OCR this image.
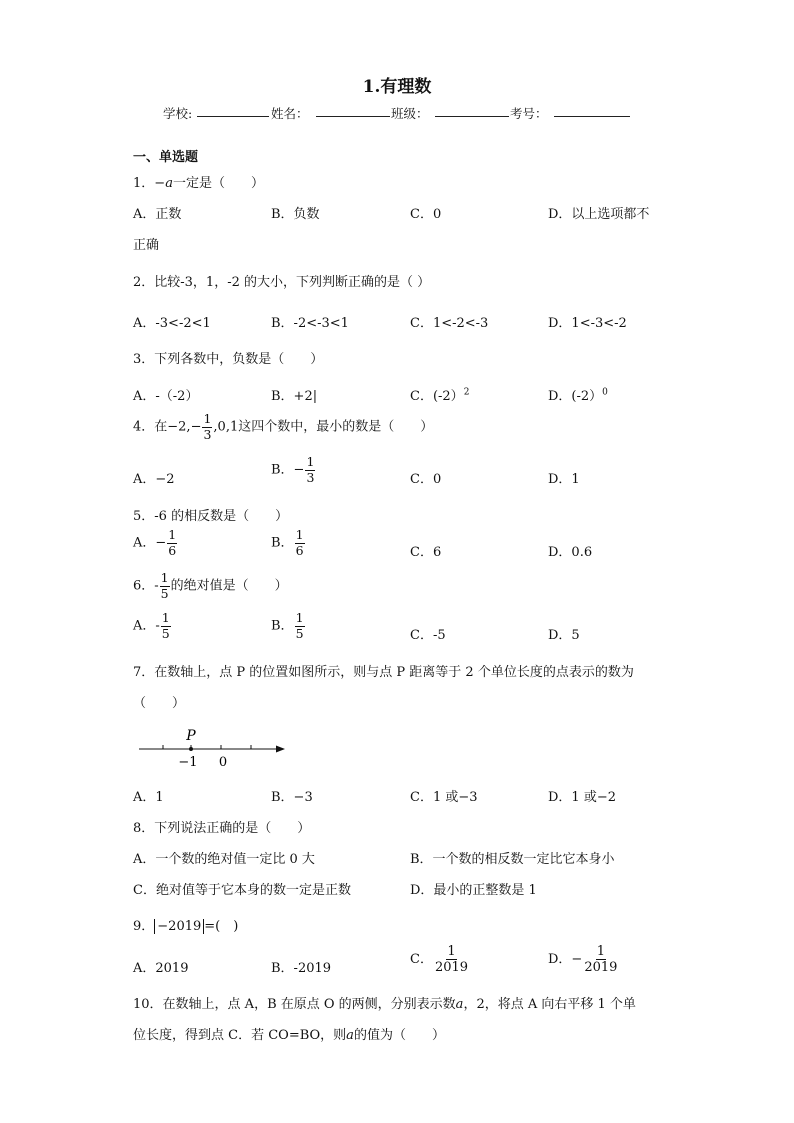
1.有理数
学校:	姓名：	班级：	考号：
一、单选题
1．−a一定是（　　）
A．正数	B．负数	C．0	D．以上选项都不
正确
2．比较-3，1，-2 的大小，下列判断正确的是（ ）
A．-3<-2<1	B．-2<-3<1	C．1<-2<-3	D．1<-3<-2
3．下列各数中，负数是（　　）
A．-（-2）	B．+2|	C．(-2）$^2$	D．(-2）$^0$
4．在$-2,- \frac{1}{3} ,0,1$这四个数中，最小的数是（　　）
A．−2
B．− $\frac{1}{3}$	C．0	D．1
5．-6 的相反数是（　　）
A．− $\frac{1}{6}$	B． $\frac{1}{6}$	C．6	D．0.6
6．- $\frac{1}{5}$ 的绝对值是（　　）
A．- $\frac{1}{5}$	B． $\frac{1}{5}$	C．-5	D．5
7．在数轴上，点 P 的位置如图所示，则与点 P 距离等于 2 个单位长度的点表示的数为
（　　）
P
−1 0
A．1	B．−3	C．1 或−3	D．1 或−2
8．下列说法正确的是（　　）
A．一个数的绝对值一定比 0 大	B．一个数的相反数一定比它本身小
C．绝对值等于它本身的数一定是正数	D．最小的正整数是 1
9． −2019 =(　)
A．2019	B．-2019
C． $\frac{1}{2019}$	D．− $\frac{1}{2019}$
10．在数轴上，点 A，B 在原点 O 的两侧，分别表示数a，2，将点 A 向右平移 1 个单
位长度，得到点 C．若 CO=BO，则a的值为（　　）
